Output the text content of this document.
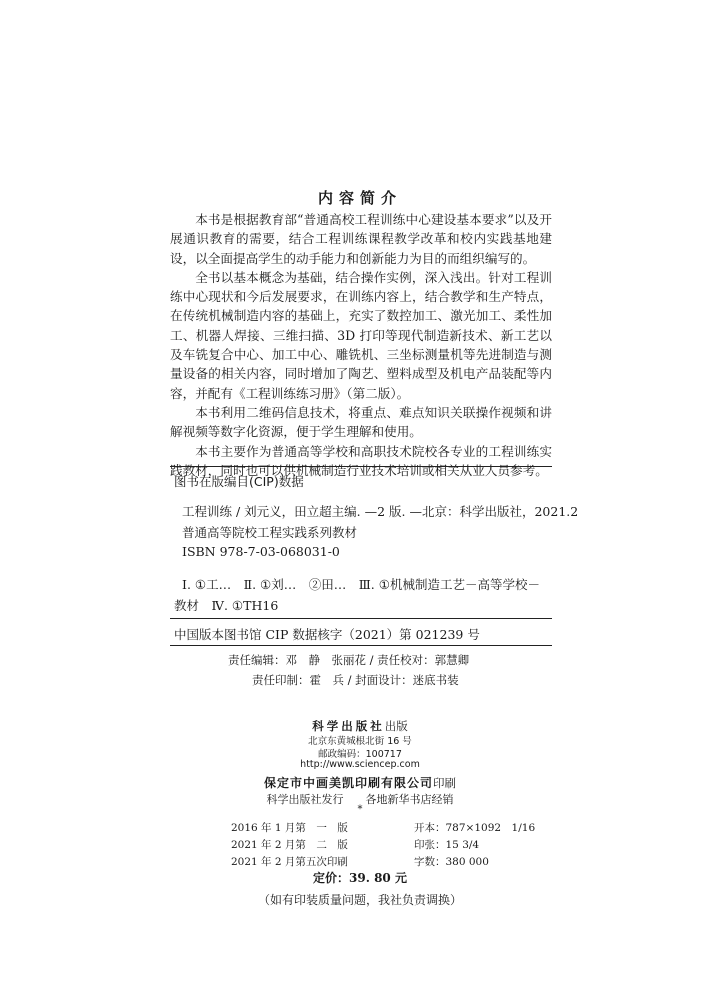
内容简介

本书是根据教育部“普通高校工程训练中心建设基本要求”以及开展通识教育的需要，结合工程训练课程教学改革和校内实践基地建设，以全面提高学生的动手能力和创新能力为目的而组织编写的。

全书以基本概念为基础，结合操作实例，深入浅出。针对工程训练中心现状和今后发展要求，在训练内容上，结合教学和生产特点，在传统机械制造内容的基础上，充实了数控加工、激光加工、柔性加工、机器人焊接、三维扫描、3D 打印等现代制造新技术、新工艺以及车铣复合中心、加工中心、雕铣机、三坐标测量机等先进制造与测量设备的相关内容，同时增加了陶艺、塑料成型及机电产品装配等内容，并配有《工程训练练习册》（第二版）。

本书利用二维码信息技术，将重点、难点知识关联操作视频和讲解视频等数字化资源，便于学生理解和使用。

本书主要作为普通高等学校和高职技术院校各专业的工程训练实践教材，同时也可以供机械制造行业技术培训或相关从业人员参考。

图书在版编目(CIP)数据
工程训练 / 刘元义，田立超主编. —2 版. —北京：科学出版社，2021.2
普通高等院校工程实践系列教材
ISBN 978-7-03-068031-0
Ⅰ. ①工…　Ⅱ. ①刘…　②田…　Ⅲ. ①机械制造工艺－高等学校－
教材　Ⅳ. ①TH16
中国版本图书馆 CIP 数据核字（2021）第 021239 号
责任编辑：邓　静　张丽花 / 责任校对：郭慧卿
责任印制：霍　兵 / 封面设计：迷底书装
科学出版社出版
北京东黄城根北街 16 号
邮政编码：100717
http://www.sciencep.com
保定市中画美凯印刷有限公司印刷
科学出版社发行　　各地新华书店经销
*
2016 年 1 月第　一　版	开本：787×1092　1/16
2021 年 2 月第　二　版	印张：15 3/4
2021 年 2 月第五次印刷	字数：380 000
定价：39. 80 元
（如有印装质量问题，我社负责调换）
